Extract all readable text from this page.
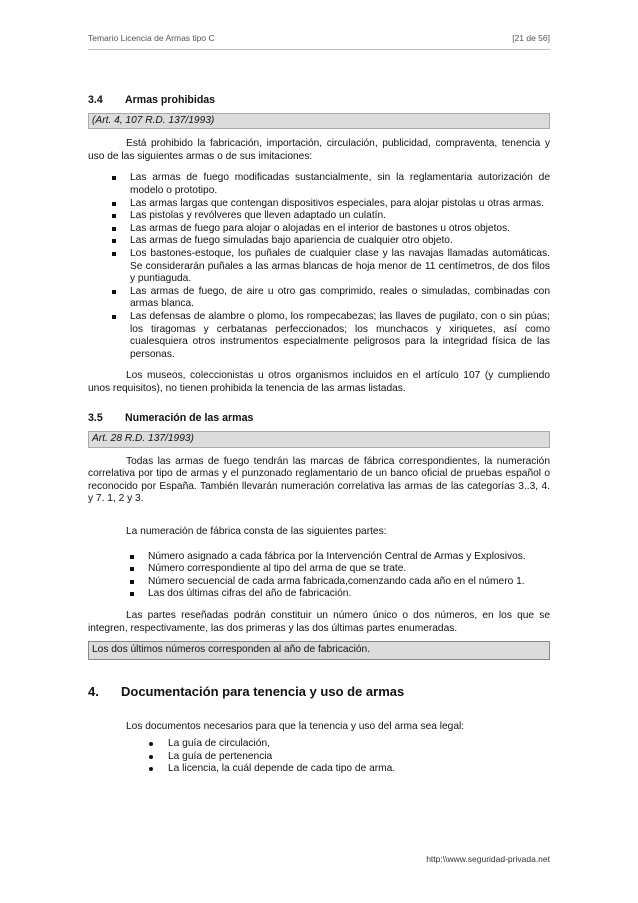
Temario Licencia de Armas tipo C	[21 de 56]
3.4	Armas prohibidas
(Art. 4, 107 R.D. 137/1993)

Está prohibido la fabricación, importación, circulación, publicidad, compraventa, tenencia y uso de las siguientes armas o de sus imitaciones:

Las armas de fuego modificadas sustancialmente, sin la reglamentaria autorización de modelo o prototipo.
Las armas largas que contengan dispositivos especiales, para alojar pistolas u otras armas.
Las pistolas y revólveres que lleven adaptado un culatín.
Las armas de fuego para alojar o alojadas en el interior de bastones u otros objetos.
Las armas de fuego simuladas bajo apariencia de cualquier otro objeto.
Los bastones-estoque, los puñales de cualquier clase y las navajas llamadas automáticas. Se considerarán puñales a las armas blancas de hoja menor de 11 centímetros, de dos filos y puntiaguda.
Las armas de fuego, de aire u otro gas comprimido, reales o simuladas, combinadas con armas blanca.
Las defensas de alambre o plomo, los rompecabezas; las llaves de pugilato, con o sin púas; los tiragomas y cerbatanas perfeccionados; los munchacos y xiriquetes, así como cualesquiera otros instrumentos especialmente peligrosos para la integridad física de las personas.

Los museos, coleccionistas u otros organismos incluidos en el artículo 107 (y cumpliendo unos requisitos), no tienen prohibida la tenencia de las armas listadas.

3.5	Numeración de las armas
Art. 28 R.D. 137/1993)

Todas las armas de fuego tendrán las marcas de fábrica correspondientes, la numeración correlativa por tipo de armas y el punzonado reglamentario de un banco oficial de pruebas español o reconocido por España. También llevarán numeración correlativa las armas de las categorías 3..3, 4. y 7. 1, 2 y 3.

La numeración de fábrica consta de las siguientes partes:

Número asignado a cada fábrica por la Intervención Central de Armas y Explosivos.
Número correspondiente al tipo del arma de que se trate.
Número secuencial de cada arma fabricada,comenzando cada año en el número 1.
Las dos últimas cifras del año de fabricación.

Las partes reseñadas podrán constituir un número único o dos números, en los que se integren, respectivamente, las dos primeras y las dos últimas partes enumeradas.

Los dos últimos números corresponden al año de fabricación.
4.	Documentación para tenencia y uso de armas

Los documentos necesarios para que la tenencia y uso del arma sea legal:

La guía de circulación,
La guía de pertenencia
La licencia, la cuál depende de cada tipo de arma.
http:\\www.seguridad-privada.net
